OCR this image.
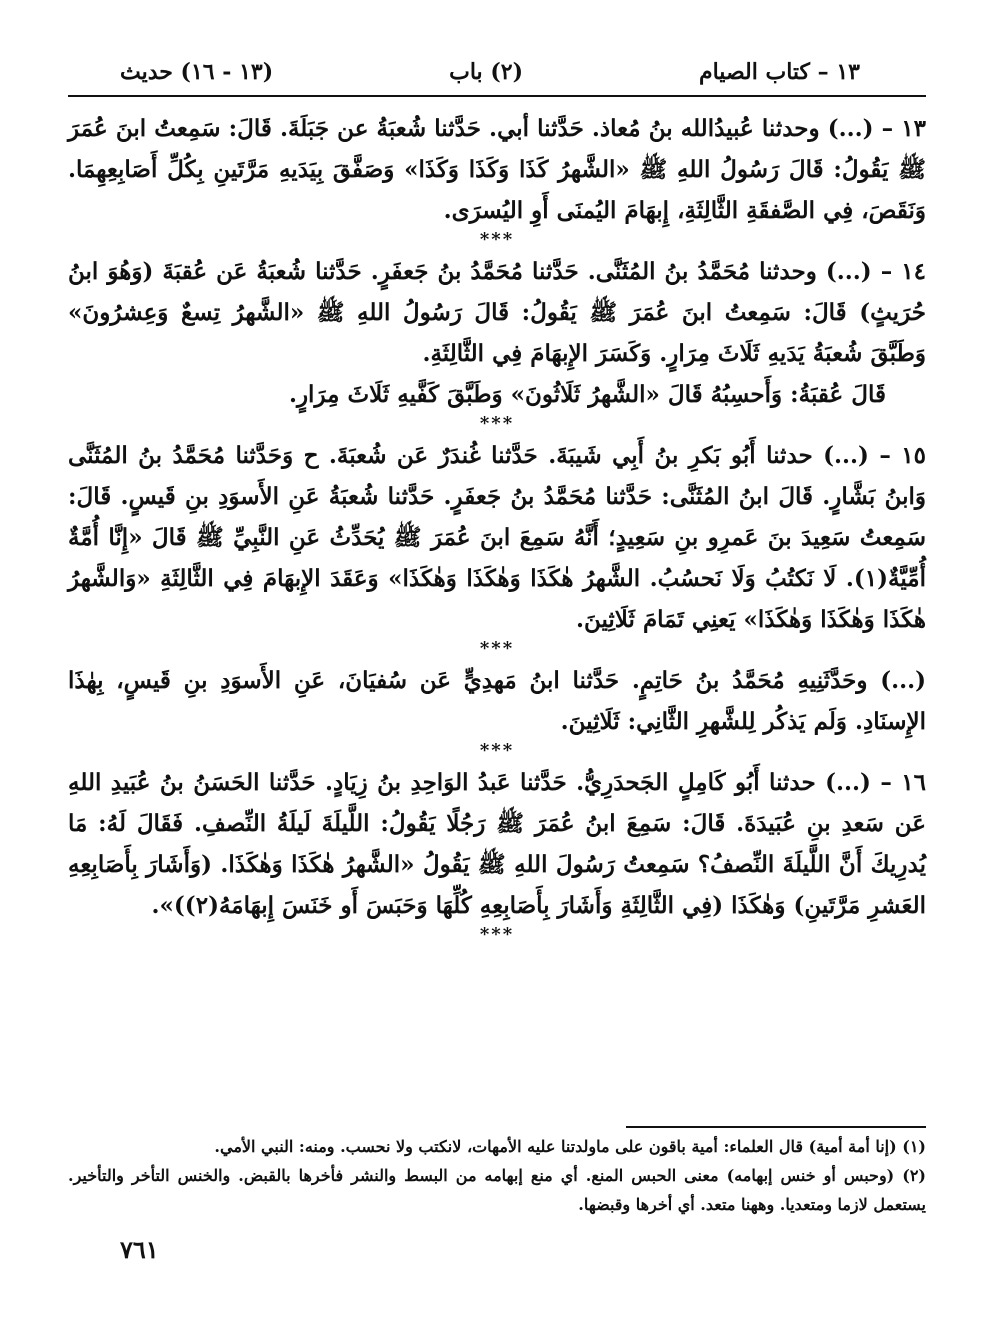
١٣ – كتاب الصيام
(٢) باب
(١٣ - ١٦) حديث

١٣ – (...) وحدثنا عُبيدُالله بنُ مُعاذ. حَدَّثنا أبي. حَدَّثنا شُعبَةُ عن جَبَلَةَ. قَالَ: سَمِعتُ ابنَ عُمَرَ ﷺ يَقُولُ: قَالَ رَسُولُ اللهِ ﷺ «الشَّهرُ كَذَا وَكَذَا وَكَذَا» وَصَفَّقَ بِيَدَيهِ مَرَّتَينِ بِكُلِّ أَصَابِعِهِمَا. وَنَقَصَ، فِي الصَّفقَةِ الثَّالِثَةِ، إِبهَامَ اليُمنَى أَوِ اليُسرَى.

***

١٤ – (...) وحدثنا مُحَمَّدُ بنُ المُثَنَّى. حَدَّثنا مُحَمَّدُ بنُ جَعفَرٍ. حَدَّثنا شُعبَةُ عَن عُقبَةَ (وَهُوَ ابنُ حُرَيثٍ) قَالَ: سَمِعتُ ابنَ عُمَرَ ﷺ يَقُولُ: قَالَ رَسُولُ اللهِ ﷺ «الشَّهرُ تِسعٌ وَعِشرُونَ» وَطَبَّقَ شُعبَةُ يَدَيهِ ثَلَاثَ مِرَارٍ. وَكَسَرَ الإِبهَامَ فِي الثَّالِثَةِ.

قَالَ عُقبَةُ: وَأَحسِبُهُ قَالَ «الشَّهرُ ثَلَاثُونَ» وَطَبَّقَ كَفَّيهِ ثَلَاثَ مِرَارٍ.

***

١٥ – (...) حدثنا أَبُو بَكرِ بنُ أَبِي شَيبَةَ. حَدَّثنا غُندَرٌ عَن شُعبَةَ. ح وَحَدَّثنا مُحَمَّدُ بنُ المُثَنَّى وَابنُ بَشَّارٍ. قَالَ ابنُ المُثَنَّى: حَدَّثنا مُحَمَّدُ بنُ جَعفَرٍ. حَدَّثنا شُعبَةُ عَنِ الأَسوَدِ بنِ قَيسٍ. قَالَ: سَمِعتُ سَعِيدَ بنَ عَمرِو بنِ سَعِيدٍ؛ أَنَّهُ سَمِعَ ابنَ عُمَرَ ﷺ يُحَدِّثُ عَنِ النَّبِيِّ ﷺ قَالَ «إِنَّا أُمَّةٌ أُمِّيَّةٌ(١). لَا نَكتُبُ وَلَا نَحسُبُ. الشَّهرُ هٰكَذَا وَهٰكَذَا وَهٰكَذَا» وَعَقَدَ الإِبهَامَ فِي الثَّالِثَةِ «وَالشَّهرُ هٰكَذَا وَهٰكَذَا وَهٰكَذَا» يَعنِي تَمَامَ ثَلَاثِينَ.

***

(...) وحَدَّثَنِيهِ مُحَمَّدُ بنُ حَاتِمٍ. حَدَّثنا ابنُ مَهدِيٍّ عَن سُفيَانَ، عَنِ الأَسوَدِ بنِ قَيسٍ، بِهٰذَا الإِسنَادِ. وَلَم يَذكُر لِلشَّهرِ الثَّانِي: ثَلَاثِينَ.

***

١٦ – (...) حدثنا أَبُو كَامِلٍ الجَحدَرِيُّ. حَدَّثنا عَبدُ الوَاحِدِ بنُ زِيَادٍ. حَدَّثنا الحَسَنُ بنُ عُبَيدِ اللهِ عَن سَعدِ بنِ عُبَيدَةَ. قَالَ: سَمِعَ ابنُ عُمَرَ ﷺ رَجُلًا يَقُولُ: اللَّيلَةَ لَيلَةُ النِّصفِ. فَقَالَ لَهُ: مَا يُدرِيكَ أَنَّ اللَّيلَةَ النِّصفُ؟ سَمِعتُ رَسُولَ اللهِ ﷺ يَقُولُ «الشَّهرُ هٰكَذَا وَهٰكَذَا. (وَأَشَارَ بِأَصَابِعِهِ العَشرِ مَرَّتَينِ) وَهٰكَذَا (فِي الثَّالِثَةِ وَأَشَارَ بِأَصَابِعِهِ كُلِّهَا وَحَبَسَ أَو خَنَسَ إِبهَامَهُ(٢))».

***

(١) (إنا أمة أمية) قال العلماء: أمية باقون على ماولدتنا عليه الأمهات، لانكتب ولا نحسب. ومنه: النبي الأمي.

(٢) (وحبس أو خنس إبهامه) معنى الحبس المنع. أي منع إبهامه من البسط والنشر فأخرها بالقبض. والخنس التأخر والتأخير. يستعمل لازما ومتعديا. وههنا متعد. أي أخرها وقبضها.

٧٦١
